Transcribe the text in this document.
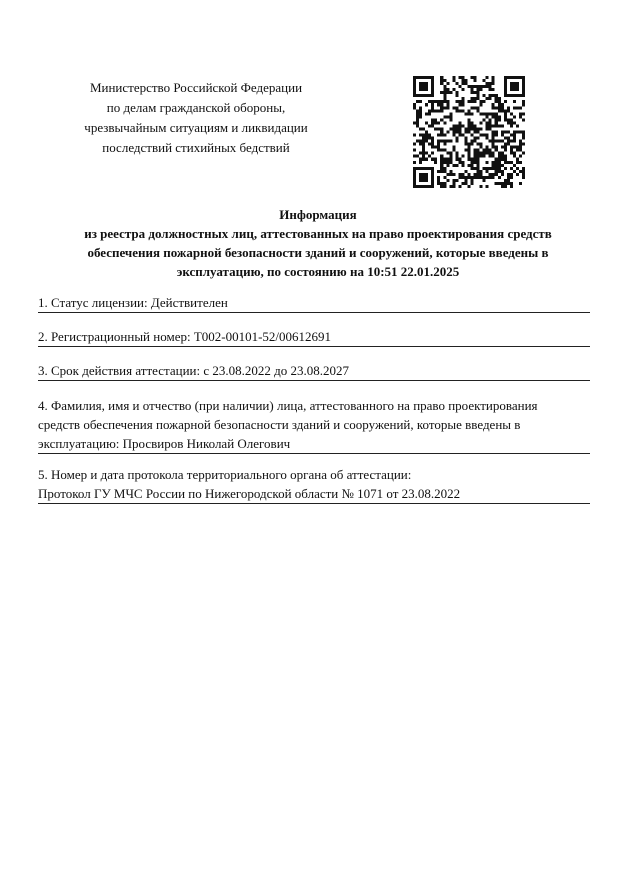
Министерство Российской Федерации
по делам гражданской обороны,
чрезвычайным ситуациям и ликвидации
последствий стихийных бедствий
Информация
из реестра должностных лиц, аттестованных на право проектирования средств
обеспечения пожарной безопасности зданий и сооружений, которые введены в
эксплуатацию, по состоянию на 10:51 22.01.2025
1. Статус лицензии: Действителен
2. Регистрационный номер: Т002-00101-52/00612691
3. Срок действия аттестации: с 23.08.2022 до 23.08.2027
4. Фамилия, имя и отчество (при наличии) лица, аттестованного на право проектирования
средств обеспечения пожарной безопасности зданий и сооружений, которые введены в
эксплуатацию: Просвиров Николай Олегович
5. Номер и дата протокола территориального органа об аттестации:
Протокол ГУ МЧС России по Нижегородской области № 1071 от 23.08.2022
